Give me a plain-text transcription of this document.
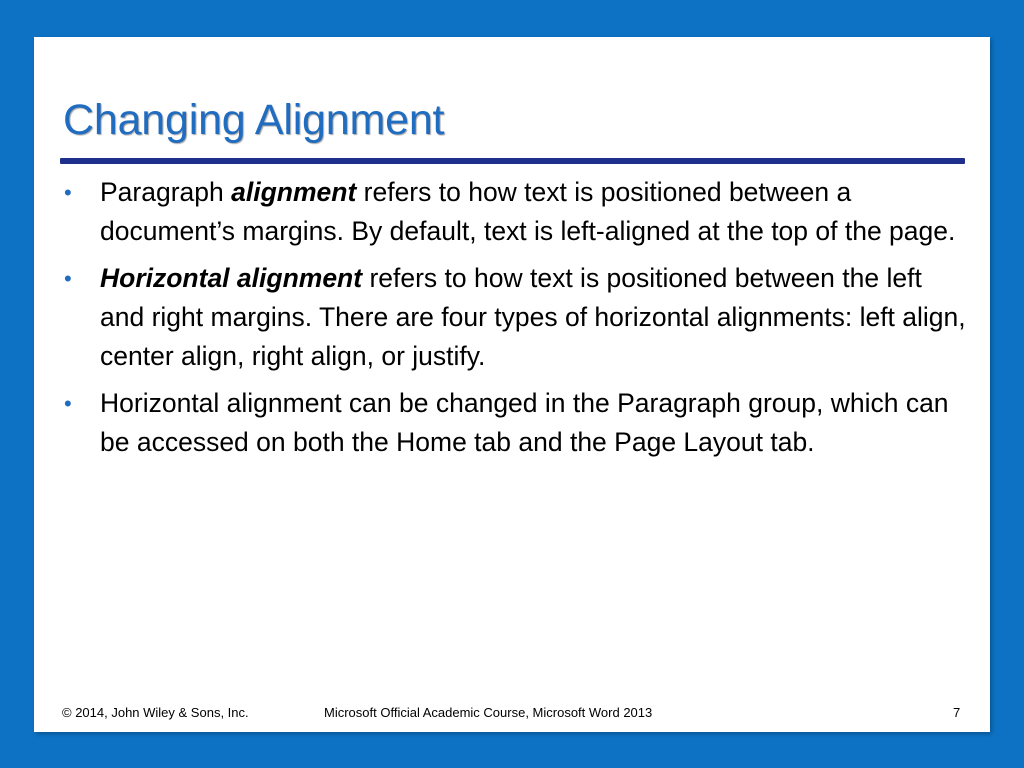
Changing Alignment
• Paragraph alignment refers to how text is positioned between a document’s margins. By default, text is left-aligned at the top of the page.
• Horizontal alignment refers to how text is positioned between the left and right margins. There are four types of horizontal alignments: left align, center align, right align, or justify.
• Horizontal alignment can be changed in the Paragraph group, which can be accessed on both the Home tab and the Page Layout tab.
© 2014, John Wiley & Sons, Inc.	Microsoft Official Academic Course, Microsoft Word 2013	7
